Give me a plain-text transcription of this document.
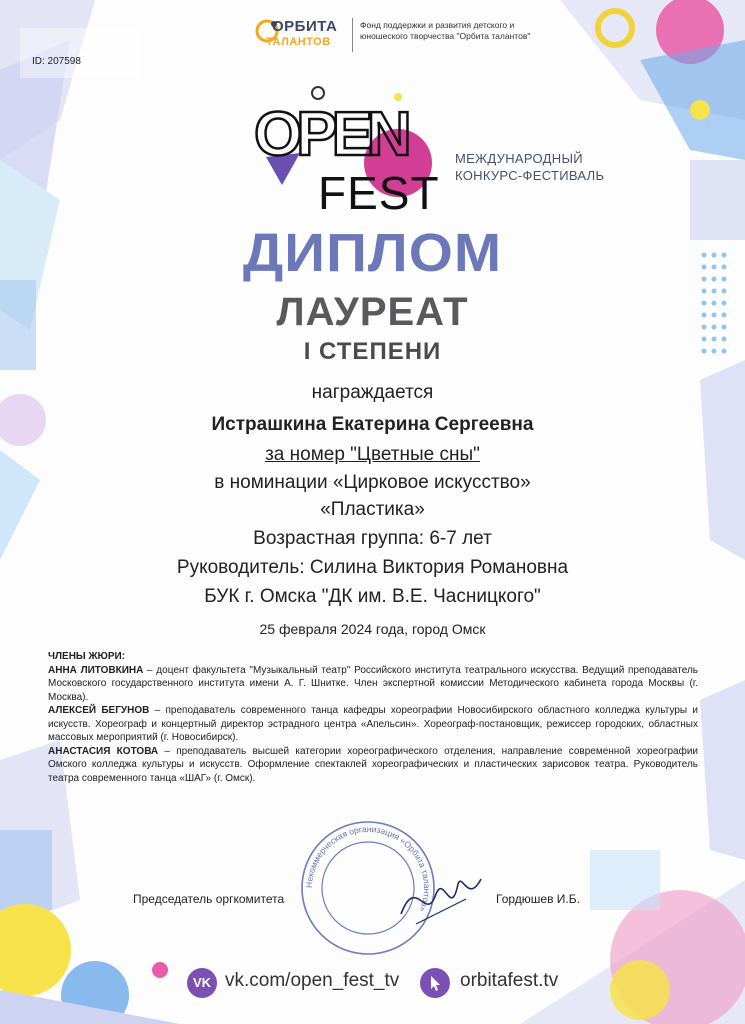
ОРБИТА
ТАЛАНТОВ
Фонд поддержки и развития детского и юношеского творчества "Орбита талантов"
ID: 207598
OPEN
FEST
МЕЖДУНАРОДНЫЙ КОНКУРС-ФЕСТИВАЛЬ
ДИПЛОМ
ЛАУРЕАТ
I СТЕПЕНИ
награждается
Истрашкина Екатерина Сергеевна
за номер "Цветные сны"
в номинации «Цирковое искусство»
«Пластика»
Возрастная группа: 6-7 лет
Руководитель: Силина Виктория Романовна
БУК г. Омска "ДК им. В.Е. Часницкого"
25 февраля 2024 года, город Омск

ЧЛЕНЫ ЖЮРИ:

АННА ЛИТОВКИНА – доцент факультета "Музыкальный театр" Российского института театрального искусства. Ведущий преподаватель Московского государственного института имени А. Г. Шнитке. Член экспертной комиссии Методического кабинета города Москвы (г. Москва).

АЛЕКСЕЙ БЕГУНОВ – преподаватель современного танца кафедры хореографии Новосибирского областного колледжа культуры и искусств. Хореограф и концертный директор эстрадного центра «Апельсин». Хореограф-постановщик, режиссер городских, областных массовых мероприятий (г. Новосибирск).

АНАСТАСИЯ КОТОВА – преподаватель высшей категории хореографического отделения, направление современной хореографии Омского колледжа культуры и искусств. Оформление спектаклей хореографических и пластических зарисовок театра. Руководитель театра современного танца «ШАГ» (г. Омск).

Некоммерческая организация «Орбита талантов»
Председатель оргкомитета	Гордюшев И.Б.
VK vk.com/open_fest_tv	orbitafest.tv
